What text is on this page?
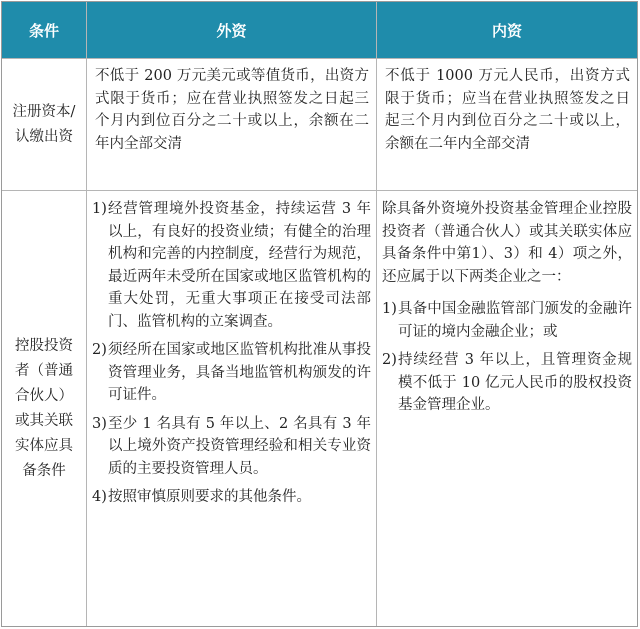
条件	外资	内资
注册资本/认缴出资

不低于 200 万元美元或等值货币，出资方式限于货币；应在营业执照签发之日起三个月内到位百分之二十或以上，余额在二年内全部交清

不低于 1000 万元人民币，出资方式限于货币；应当在营业执照签发之日起三个月内到位百分之二十或以上，余额在二年内全部交清

控股投资者（普通合伙人）或其关联实体应具备条件
1) 经营管理境外投资基金，持续运营 3 年以上，有良好的投资业绩；有健全的治理机构和完善的内控制度，经营行为规范，最近两年未受所在国家或地区监管机构的重大处罚，无重大事项正在接受司法部门、监管机构的立案调查。
2) 须经所在国家或地区监管机构批准从事投资管理业务，具备当地监管机构颁发的许可证件。
3) 至少 1 名具有 5 年以上、2 名具有 3 年以上境外资产投资管理经验和相关专业资质的主要投资管理人员。
4) 按照审慎原则要求的其他条件。

除具备外资境外投资基金管理企业控股投资者（普通合伙人）或其关联实体应具备条件中第1）、3）和 4）项之外，还应属于以下两类企业之一：

1) 具备中国金融监管部门颁发的金融许可证的境内金融企业；或
2) 持续经营 3 年以上，且管理资金规模不低于 10 亿元人民币的股权投资基金管理企业。
